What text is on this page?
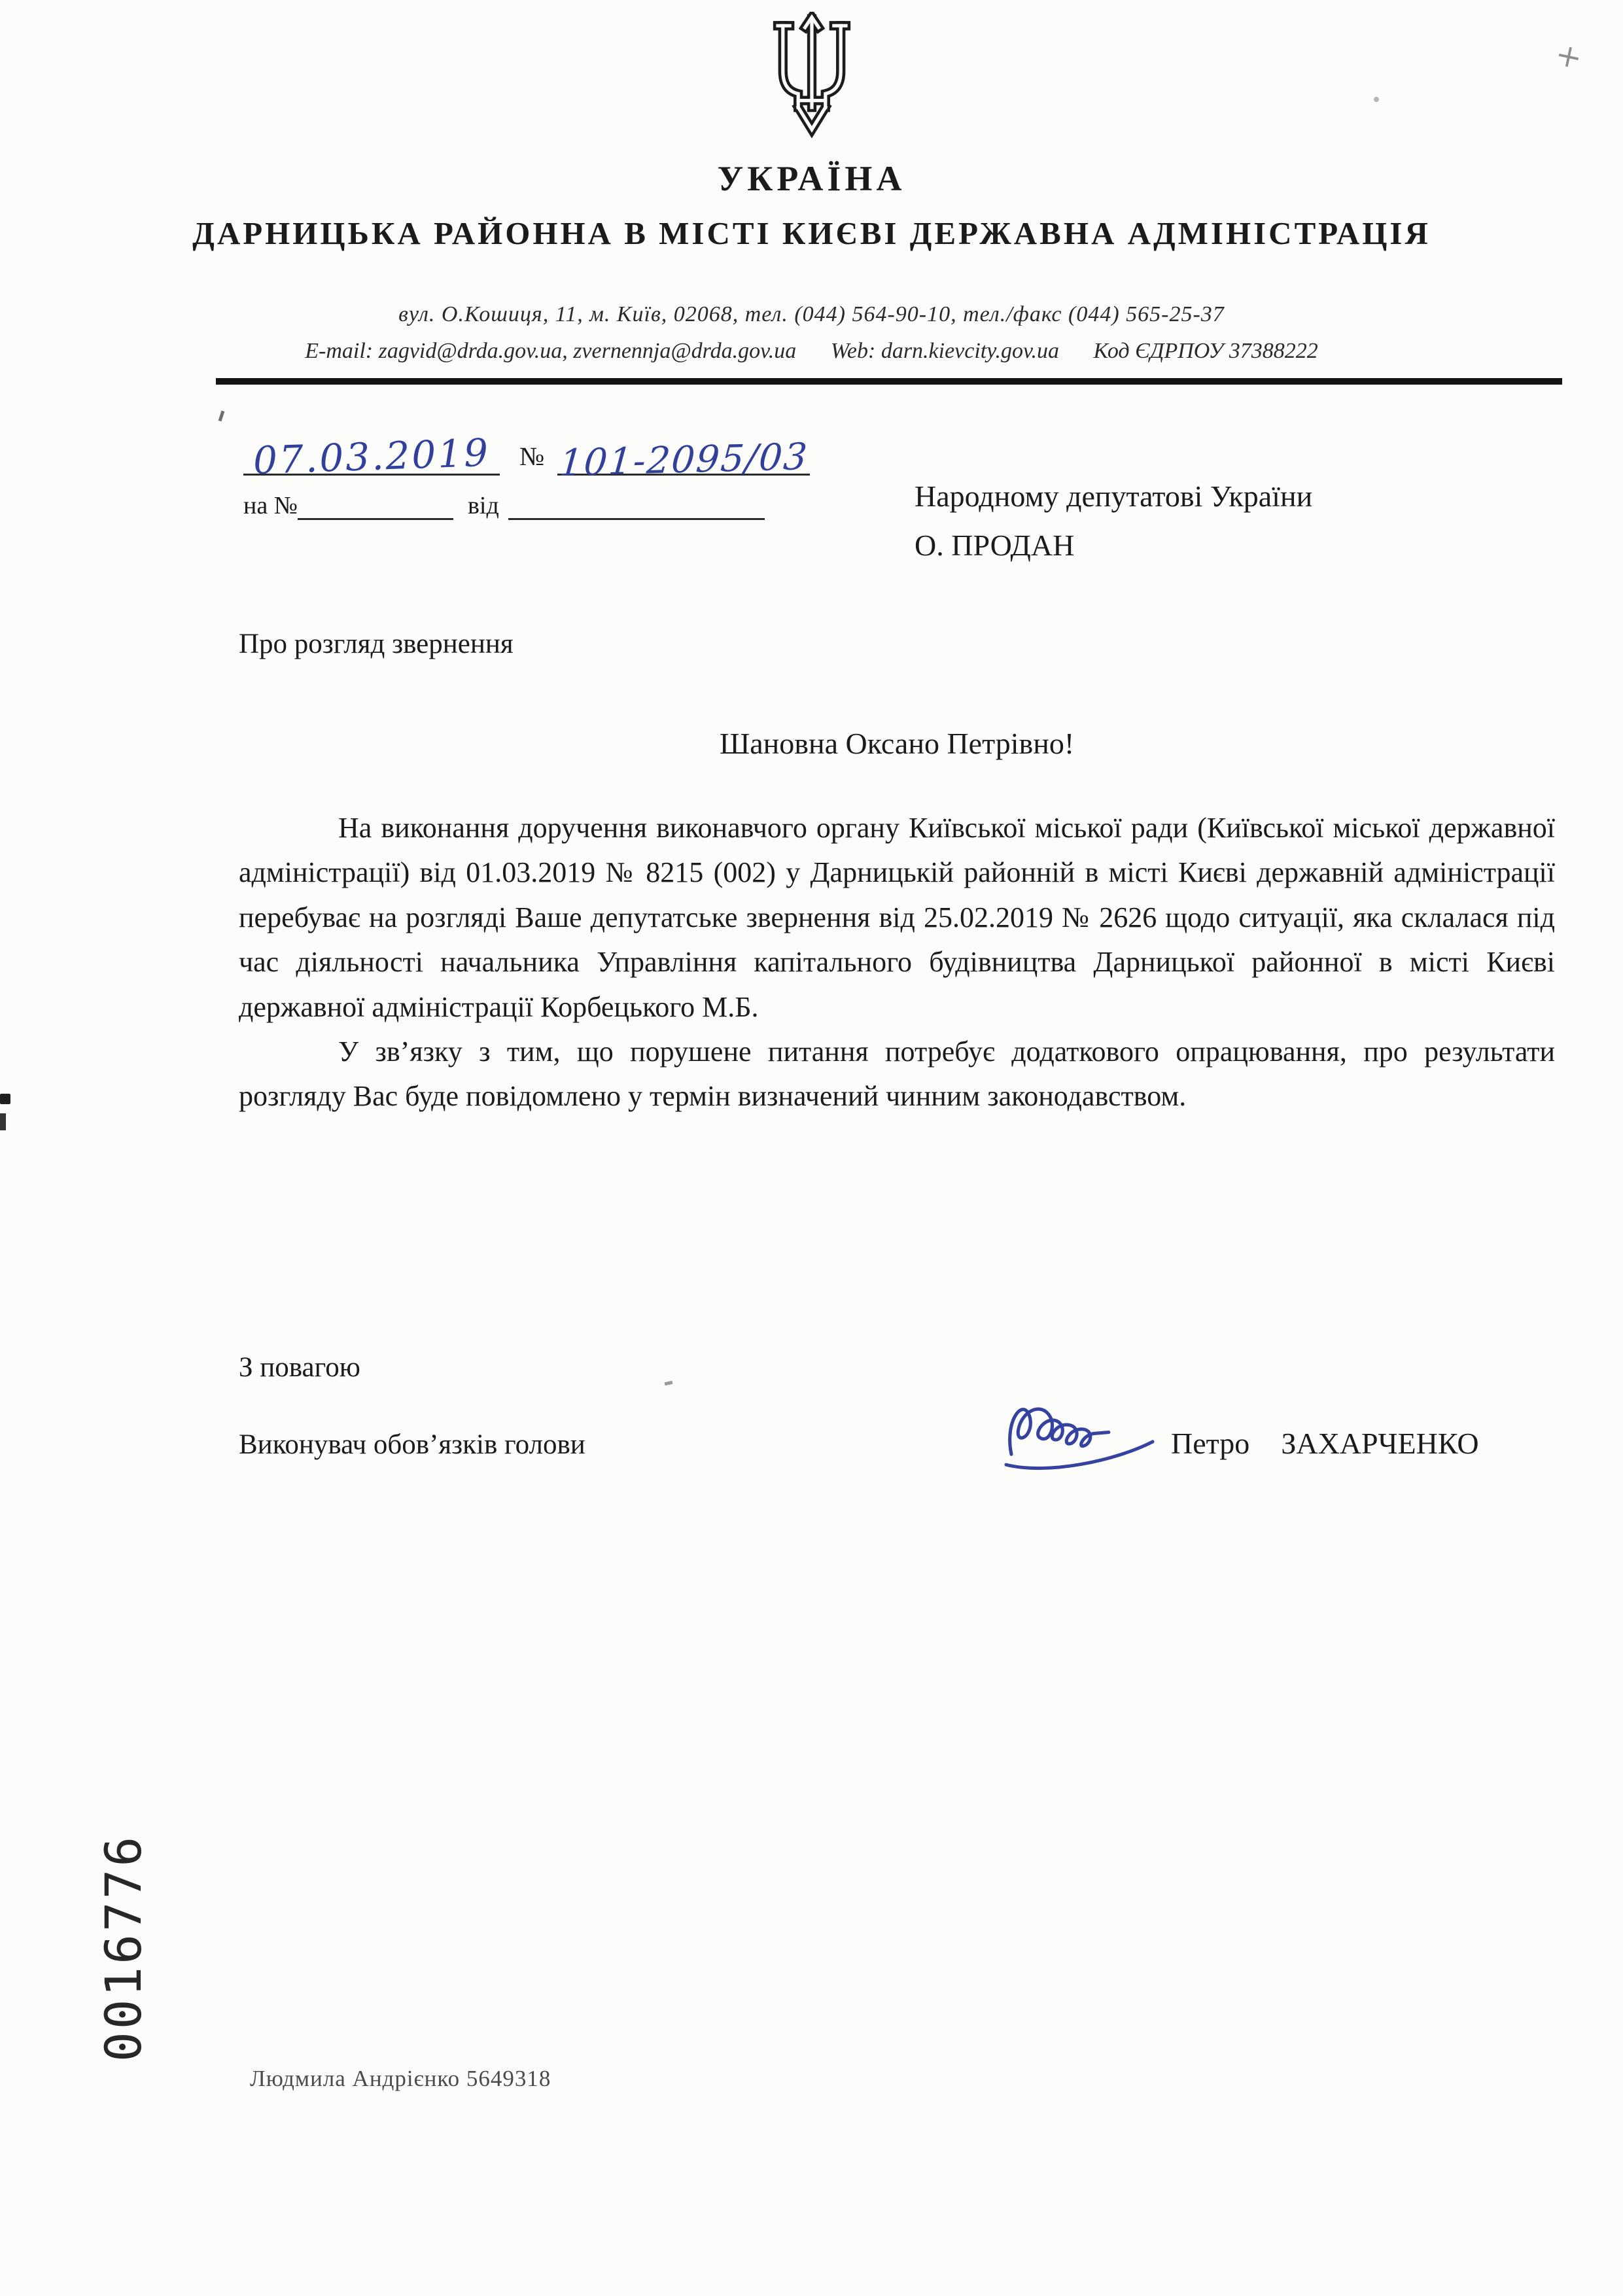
УКРАЇНА
ДАРНИЦЬКА РАЙОННА В МІСТІ КИЄВІ ДЕРЖАВНА АДМІНІСТРАЦІЯ
вул. О.Кошиця, 11, м. Київ, 02068, тел. (044) 564-90-10, тел./факс (044) 565-25-37
E-mail: zagvid@drda.gov.ua, zvernennja@drda.gov.ua Web: darn.kievcity.gov.ua Код ЄДРПОУ 37388222
07.03.2019 № 101-2095/03
на №	від	Народному депутатові України
О. ПРОДАН
Про розгляд звернення
Шановна Оксано Петрівно!

На виконання доручення виконавчого органу Київської міської ради (Київської міської державної адміністрації) від 01.03.2019 № 8215 (002) у Дарницькій районній в місті Києві державній адміністрації перебуває на розгляді Ваше депутатське звернення від 25.02.2019 № 2626 щодо ситуації, яка склалася під час діяльності начальника Управління капітального будівництва Дарницької районної в місті Києві державної адміністрації Корбецького М.Б.

У зв’язку з тим, що порушене питання потребує додаткового опрацювання, про результати розгляду Вас буде повідомлено у термін визначений чинним законодавством.

З повагою
Виконувач обов’язків голови	Петро ЗАХАРЧЕНКО
0016776
Людмила Андрієнко 5649318
+
